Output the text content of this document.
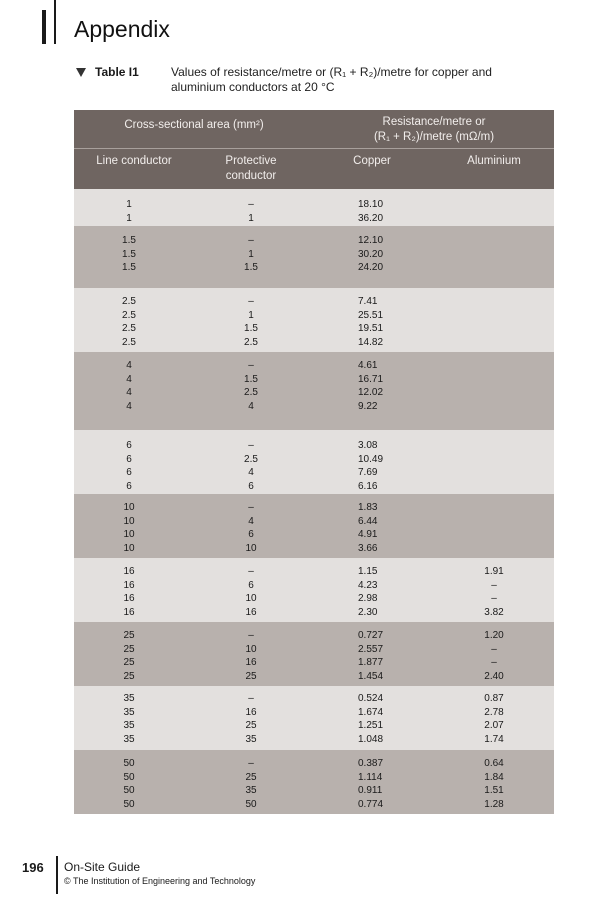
Appendix
Table I1	Values of resistance/metre or (R₁ + R₂)/metre for copper and aluminium conductors at 20 °C
Cross-sectional area (mm²)	Resistance/metre or
(R₁ + R₂)/metre (mΩ/m)
Line conductor	Protective
conductor
Copper	Aluminium
1	–	18.10
1	1	36.20
1.5	–	12.10
1.5	1	30.20
1.5	1.5	24.20
2.5	–	7.41
2.5	1	25.51
2.5	1.5	19.51
2.5	2.5	14.82
4	–	4.61
4	1.5	16.71
4	2.5	12.02
4	4	9.22
6	–	3.08
6	2.5	10.49
6	4	7.69
6	6	6.16
10	–	1.83
10	4	6.44
10	6	4.91
10	10	3.66
16	–	1.15	1.91
16	6	4.23	–
16	10	2.98	–
16	16	2.30	3.82
25	–	0.727	1.20
25	10	2.557	–
25	16	1.877	–
25	25	1.454	2.40
35	–	0.524	0.87
35	16	1.674	2.78
35	25	1.251	2.07
35	35	1.048	1.74
50	–	0.387	0.64
50	25	1.114	1.84
50	35	0.911	1.51
50	50	0.774	1.28
196 On-Site Guide
© The Institution of Engineering and Technology
